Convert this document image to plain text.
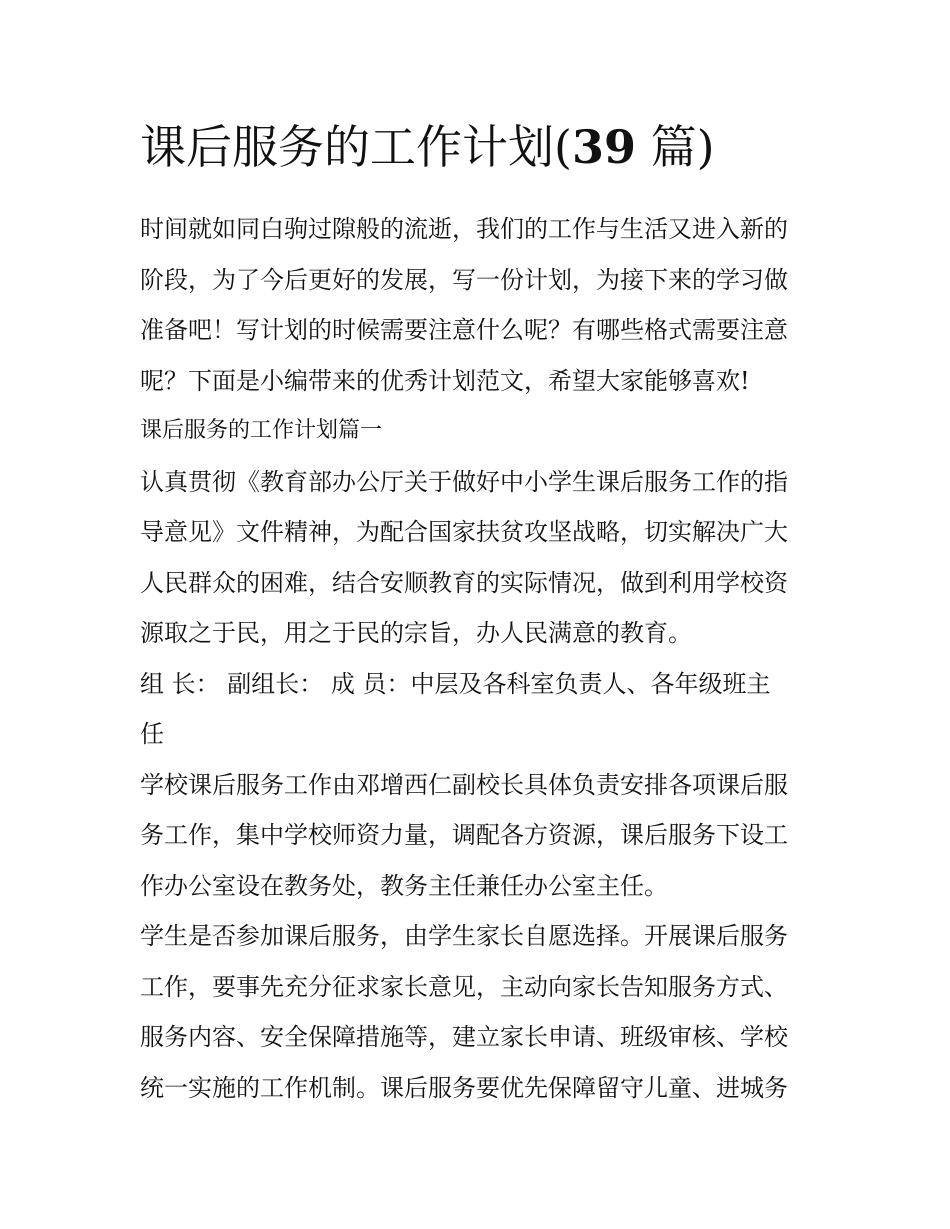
课后服务的工作计划(39 篇)

时间就如同白驹过隙般的流逝，我们的工作与生活又进入新的

阶段，为了今后更好的发展，写一份计划，为接下来的学习做

准备吧！写计划的时候需要注意什么呢？有哪些格式需要注意

呢？下面是小编带来的优秀计划范文，希望大家能够喜欢!

课后服务的工作计划篇一

认真贯彻《教育部办公厅关于做好中小学生课后服务工作的指

导意见》文件精神，为配合国家扶贫攻坚战略，切实解决广大

人民群众的困难，结合安顺教育的实际情况，做到利用学校资

源取之于民，用之于民的宗旨，办人民满意的教育。

组 长： 副组长： 成 员：中层及各科室负责人、各年级班主

任

学校课后服务工作由邓增西仁副校长具体负责安排各项课后服

务工作，集中学校师资力量，调配各方资源，课后服务下设工

作办公室设在教务处，教务主任兼任办公室主任。

学生是否参加课后服务，由学生家长自愿选择。开展课后服务

工作，要事先充分征求家长意见，主动向家长告知服务方式、

服务内容、安全保障措施等，建立家长申请、班级审核、学校

统一实施的工作机制。课后服务要优先保障留守儿童、进城务
